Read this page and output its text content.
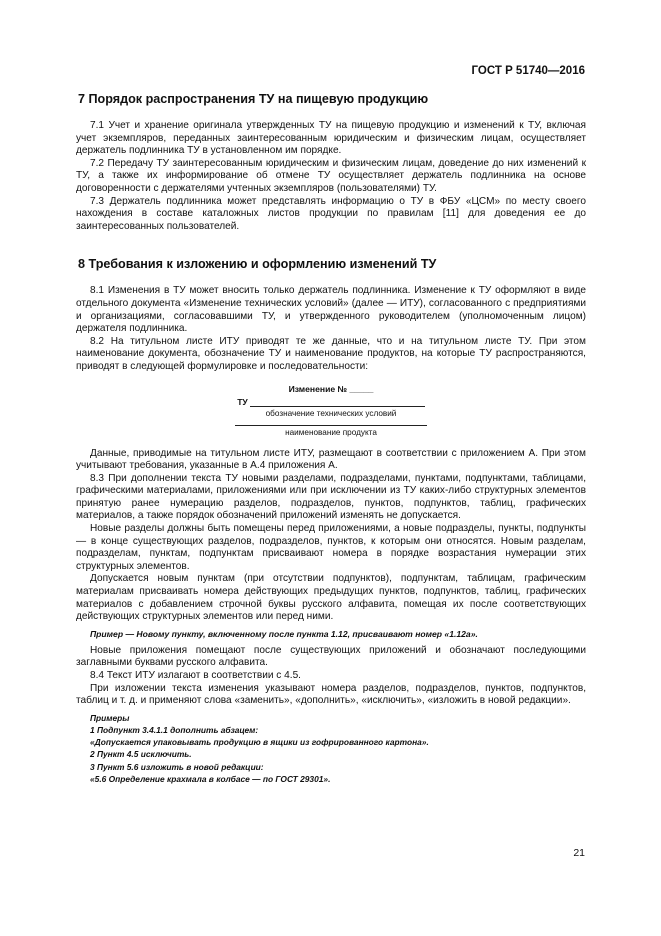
ГОСТ Р 51740—2016
7 Порядок распространения ТУ на пищевую продукцию

7.1 Учет и хранение оригинала утвержденных ТУ на пищевую продукцию и изменений к ТУ, включая учет экземпляров, переданных заинтересованным юридическим и физическим лицам, осуществляет держатель подлинника ТУ в установленном им порядке.

7.2 Передачу ТУ заинтересованным юридическим и физическим лицам, доведение до них изменений к ТУ, а также их информирование об отмене ТУ осуществляет держатель подлинника на основе договоренности с держателями учтенных экземпляров (пользователями) ТУ.

7.3 Держатель подлинника может представлять информацию о ТУ в ФБУ «ЦСМ» по месту своего нахождения в составе каталожных листов продукции по правилам [11] для доведения ее до заинтересованных пользователей.

8 Требования к изложению и оформлению изменений ТУ

8.1 Изменения в ТУ может вносить только держатель подлинника. Изменение к ТУ оформляют в виде отдельного документа «Изменение технических условий» (далее — ИТУ), согласованного с предприятиями и организациями, согласовавшими ТУ, и утвержденного руководителем (уполномоченным лицом) держателя подлинника.

8.2 На титульном листе ИТУ приводят те же данные, что и на титульном листе ТУ. При этом наименование документа, обозначение ТУ и наименование продуктов, на которые ТУ распространяются, приводят в следующей формулировке и последовательности:

Изменение № _____
ТУ
обозначение технических условий
наименование продукта

Данные, приводимые на титульном листе ИТУ, размещают в соответствии с приложением А. При этом учитывают требования, указанные в А.4 приложения А.

8.3 При дополнении текста ТУ новыми разделами, подразделами, пунктами, подпунктами, таблицами, графическими материалами, приложениями или при исключении из ТУ каких-либо структурных элементов принятую ранее нумерацию разделов, подразделов, пунктов, подпунктов, таблиц, графических материалов, а также порядок обозначений приложений изменять не допускается.

Новые разделы должны быть помещены перед приложениями, а новые подразделы, пункты, подпункты — в конце существующих разделов, подразделов, пунктов, к которым они относятся. Новым разделам, подразделам, пунктам, подпунктам присваивают номера в порядке возрастания нумерации этих структурных элементов.

Допускается новым пунктам (при отсутствии подпунктов), подпунктам, таблицам, графическим материалам присваивать номера действующих предыдущих пунктов, подпунктов, таблиц, графических материалов с добавлением строчной буквы русского алфавита, помещая их после соответствующих действующих структурных элементов или перед ними.

Пример — Новому пункту, включенному после пункта 1.12, присваивают номер «1.12а».

Новые приложения помещают после существующих приложений и обозначают последующими заглавными буквами русского алфавита.

8.4 Текст ИТУ излагают в соответствии с 4.5.

При изложении текста изменения указывают номера разделов, подразделов, пунктов, подпунктов, таблиц и т. д. и применяют слова «заменить», «дополнить», «исключить», «изложить в новой редакции».

Примеры
1 Подпункт 3.4.1.1 дополнить абзацем:
«Допускается упаковывать продукцию в ящики из гофрированного картона».
2 Пункт 4.5 исключить.
3 Пункт 5.6 изложить в новой редакции:
«5.6 Определение крахмала в колбасе — по ГОСТ 29301».
21
